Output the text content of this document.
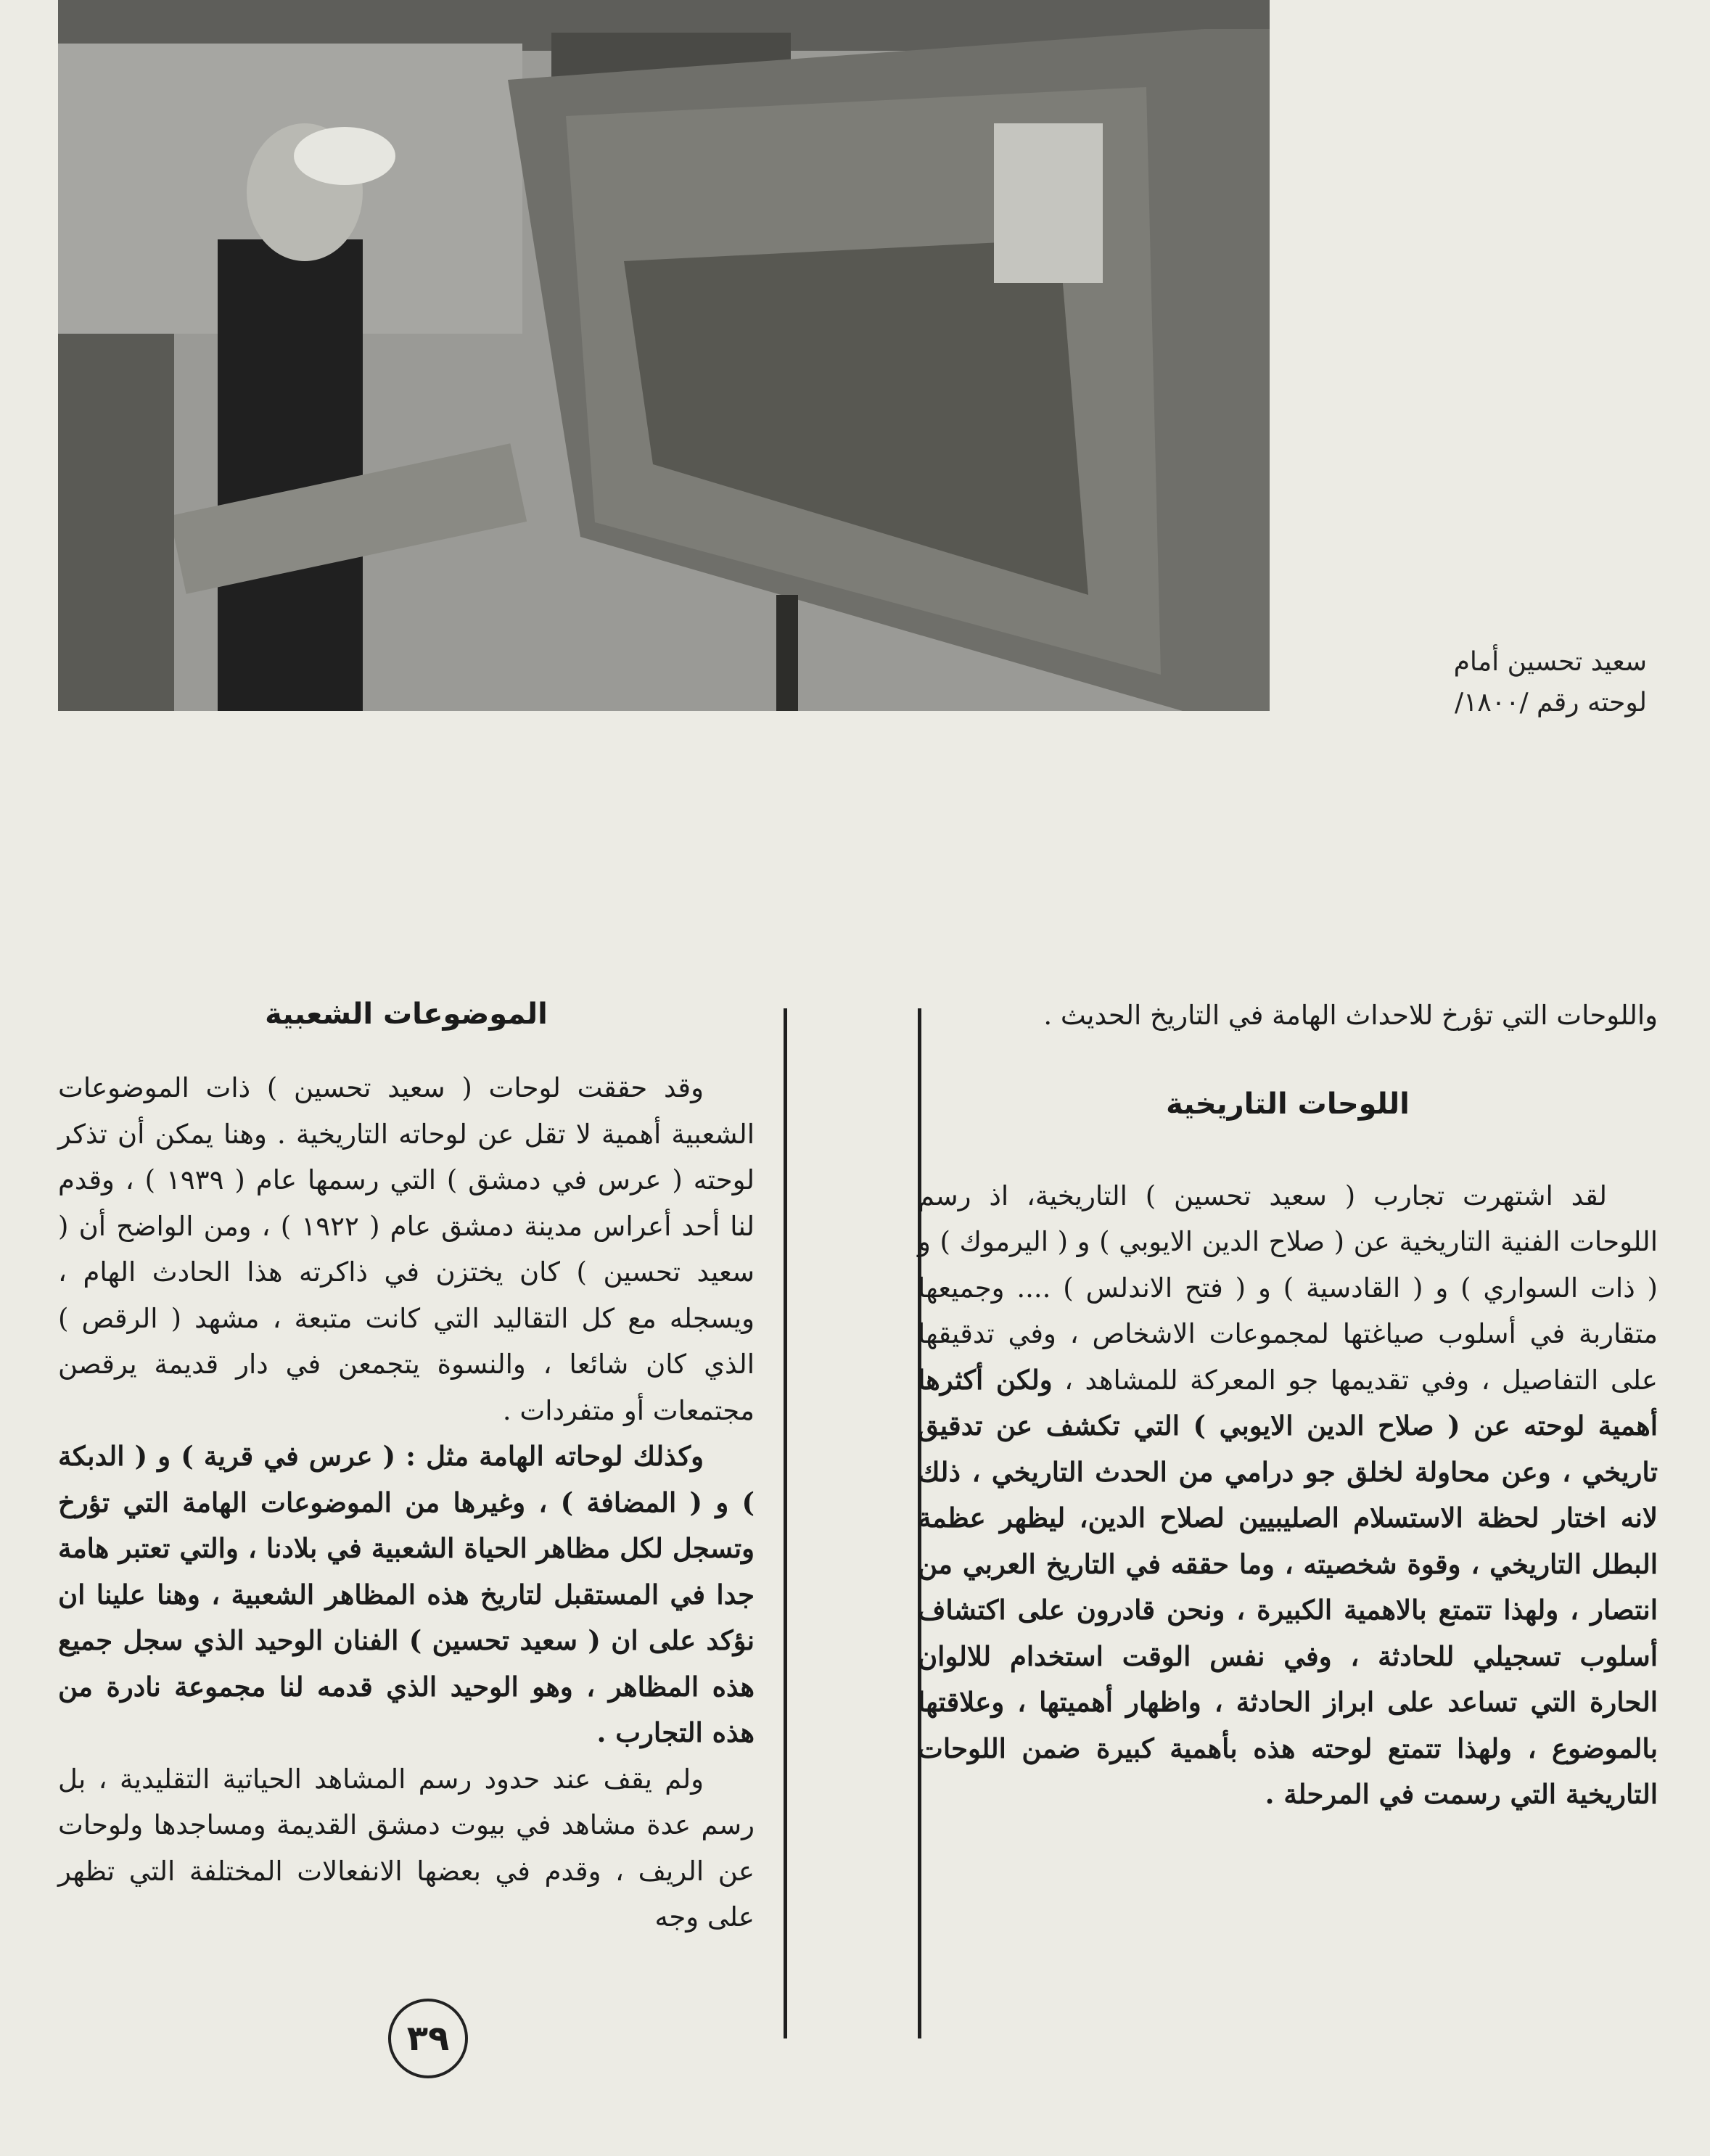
سعيد تحسين أمام
لوحته رقم /١٨٠٠/

واللوحات التي تؤرخ للاحداث الهامة في التاريخ الحديث .

اللوحات التاريخية

لقد اشتهرت تجارب ( سعيد تحسين ) التاريخية، اذ رسم اللوحات الفنية التاريخية عن ( صلاح الدين الايوبي ) و ( اليرموك ) و ( ذات السواري ) و ( القادسية ) و ( فتح الاندلس ) .... وجميعها متقاربة في أسلوب صياغتها لمجموعات الاشخاص ، وفي تدقيقها على التفاصيل ، وفي تقديمها جو المعركة للمشاهد ، ولكن أكثرها أهمية لوحته عن ( صلاح الدين الايوبي ) التي تكشف عن تدقيق تاريخي ، وعن محاولة لخلق جو درامي من الحدث التاريخي ، ذلك لانه اختار لحظة الاستسلام الصليبيين لصلاح الدين، ليظهر عظمة البطل التاريخي ، وقوة شخصيته ، وما حققه في التاريخ العربي من انتصار ، ولهذا تتمتع بالاهمية الكبيرة ، ونحن قادرون على اكتشاف أسلوب تسجيلي للحادثة ، وفي نفس الوقت استخدام للالوان الحارة التي تساعد على ابراز الحادثة ، واظهار أهميتها ، وعلاقتها بالموضوع ، ولهذا تتمتع لوحته هذه بأهمية كبيرة ضمن اللوحات التاريخية التي رسمت في المرحلة .

الموضوعات الشعبية

وقد حققت لوحات ( سعيد تحسين ) ذات الموضوعات الشعبية أهمية لا تقل عن لوحاته التاريخية . وهنا يمكن أن تذكر لوحته ( عرس في دمشق ) التي رسمها عام ( ١٩٣٩ ) ، وقدم لنا أحد أعراس مدينة دمشق عام ( ١٩٢٢ ) ، ومن الواضح أن ( سعيد تحسين ) كان يختزن في ذاكرته هذا الحادث الهام ، ويسجله مع كل التقاليد التي كانت متبعة ، مشهد ( الرقص ) الذي كان شائعا ، والنسوة يتجمعن في دار قديمة يرقصن مجتمعات أو متفردات .

وكذلك لوحاته الهامة مثل : ( عرس في قرية ) و ( الدبكة ) و ( المضافة ) ، وغيرها من الموضوعات الهامة التي تؤرخ وتسجل لكل مظاهر الحياة الشعبية في بلادنا ، والتي تعتبر هامة جدا في المستقبل لتاريخ هذه المظاهر الشعبية ، وهنا علينا ان نؤكد على ان ( سعيد تحسين ) الفنان الوحيد الذي سجل جميع هذه المظاهر ، وهو الوحيد الذي قدمه لنا مجموعة نادرة من هذه التجارب .

ولم يقف عند حدود رسم المشاهد الحياتية التقليدية ، بل رسم عدة مشاهد في بيوت دمشق القديمة ومساجدها ولوحات عن الريف ، وقدم في بعضها الانفعالات المختلفة التي تظهر على وجه

٣٩
